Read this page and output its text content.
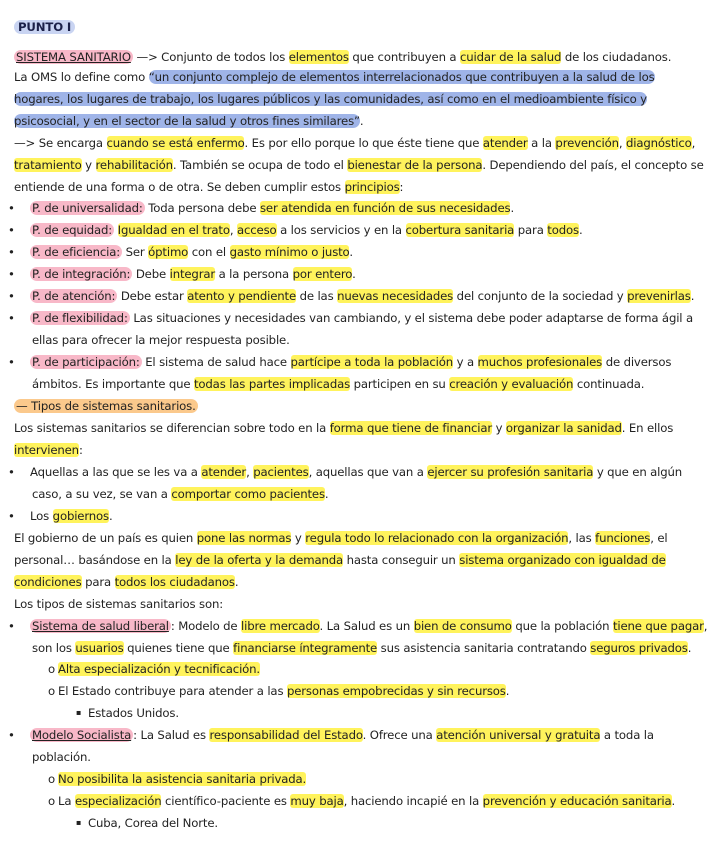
PUNTO I
SISTEMA SANITARIO —> Conjunto de todos los elementos que contribuyen a cuidar de la salud de los ciudadanos.
La OMS lo define como “un conjunto complejo de elementos interrelacionados que contribuyen a la salud de los
hogares, los lugares de trabajo, los lugares públicos y las comunidades, así como en el medioambiente físico y
psicosocial, y en el sector de la salud y otros fines similares”.
—> Se encarga cuando se está enfermo. Es por ello porque lo que éste tiene que atender a la prevención, diagnóstico,
tratamiento y rehabilitación. También se ocupa de todo el bienestar de la persona. Dependiendo del país, el concepto se
entiende de una forma o de otra. Se deben cumplir estos principios:
• P. de universalidad: Toda persona debe ser atendida en función de sus necesidades.
• P. de equidad: Igualdad en el trato, acceso a los servicios y en la cobertura sanitaria para todos.
• P. de eficiencia: Ser óptimo con el gasto mínimo o justo.
• P. de integración: Debe integrar a la persona por entero.
• P. de atención: Debe estar atento y pendiente de las nuevas necesidades del conjunto de la sociedad y prevenirlas.
• P. de flexibilidad: Las situaciones y necesidades van cambiando, y el sistema debe poder adaptarse de forma ágil a
ellas para ofrecer la mejor respuesta posible.
• P. de participación: El sistema de salud hace partícipe a toda la población y a muchos profesionales de diversos
ámbitos. Es importante que todas las partes implicadas participen en su creación y evaluación continuada.
— Tipos de sistemas sanitarios.
Los sistemas sanitarios se diferencian sobre todo en la forma que tiene de financiar y organizar la sanidad. En ellos
intervienen:
• Aquellas a las que se les va a atender, pacientes, aquellas que van a ejercer su profesión sanitaria y que en algún
caso, a su vez, se van a comportar como pacientes.
• Los gobiernos.
El gobierno de un país es quien pone las normas y regula todo lo relacionado con la organización, las funciones, el
personal… basándose en la ley de la oferta y la demanda hasta conseguir un sistema organizado con igualdad de
condiciones para todos los ciudadanos.
Los tipos de sistemas sanitarios son:
• Sistema de salud liberal : Modelo de libre mercado. La Salud es un bien de consumo que la población tiene que pagar
son los usuarios quienes tiene que financiarse íntegramente sus asistencia sanitaria contratando seguros privados.
o Alta especialización y tecnificación.
o El Estado contribuye para atender a las personas empobrecidas y sin recursos.
▪ Estados Unidos.
• Modelo Socialista : La Salud es responsabilidad del Estado. Ofrece una atención universal y gratuita a toda la
población.
o No posibilita la asistencia sanitaria privada.
o La especialización científico-paciente es muy baja, haciendo incapié en la prevención y educación sanitaria.
▪ Cuba, Corea del Norte.
